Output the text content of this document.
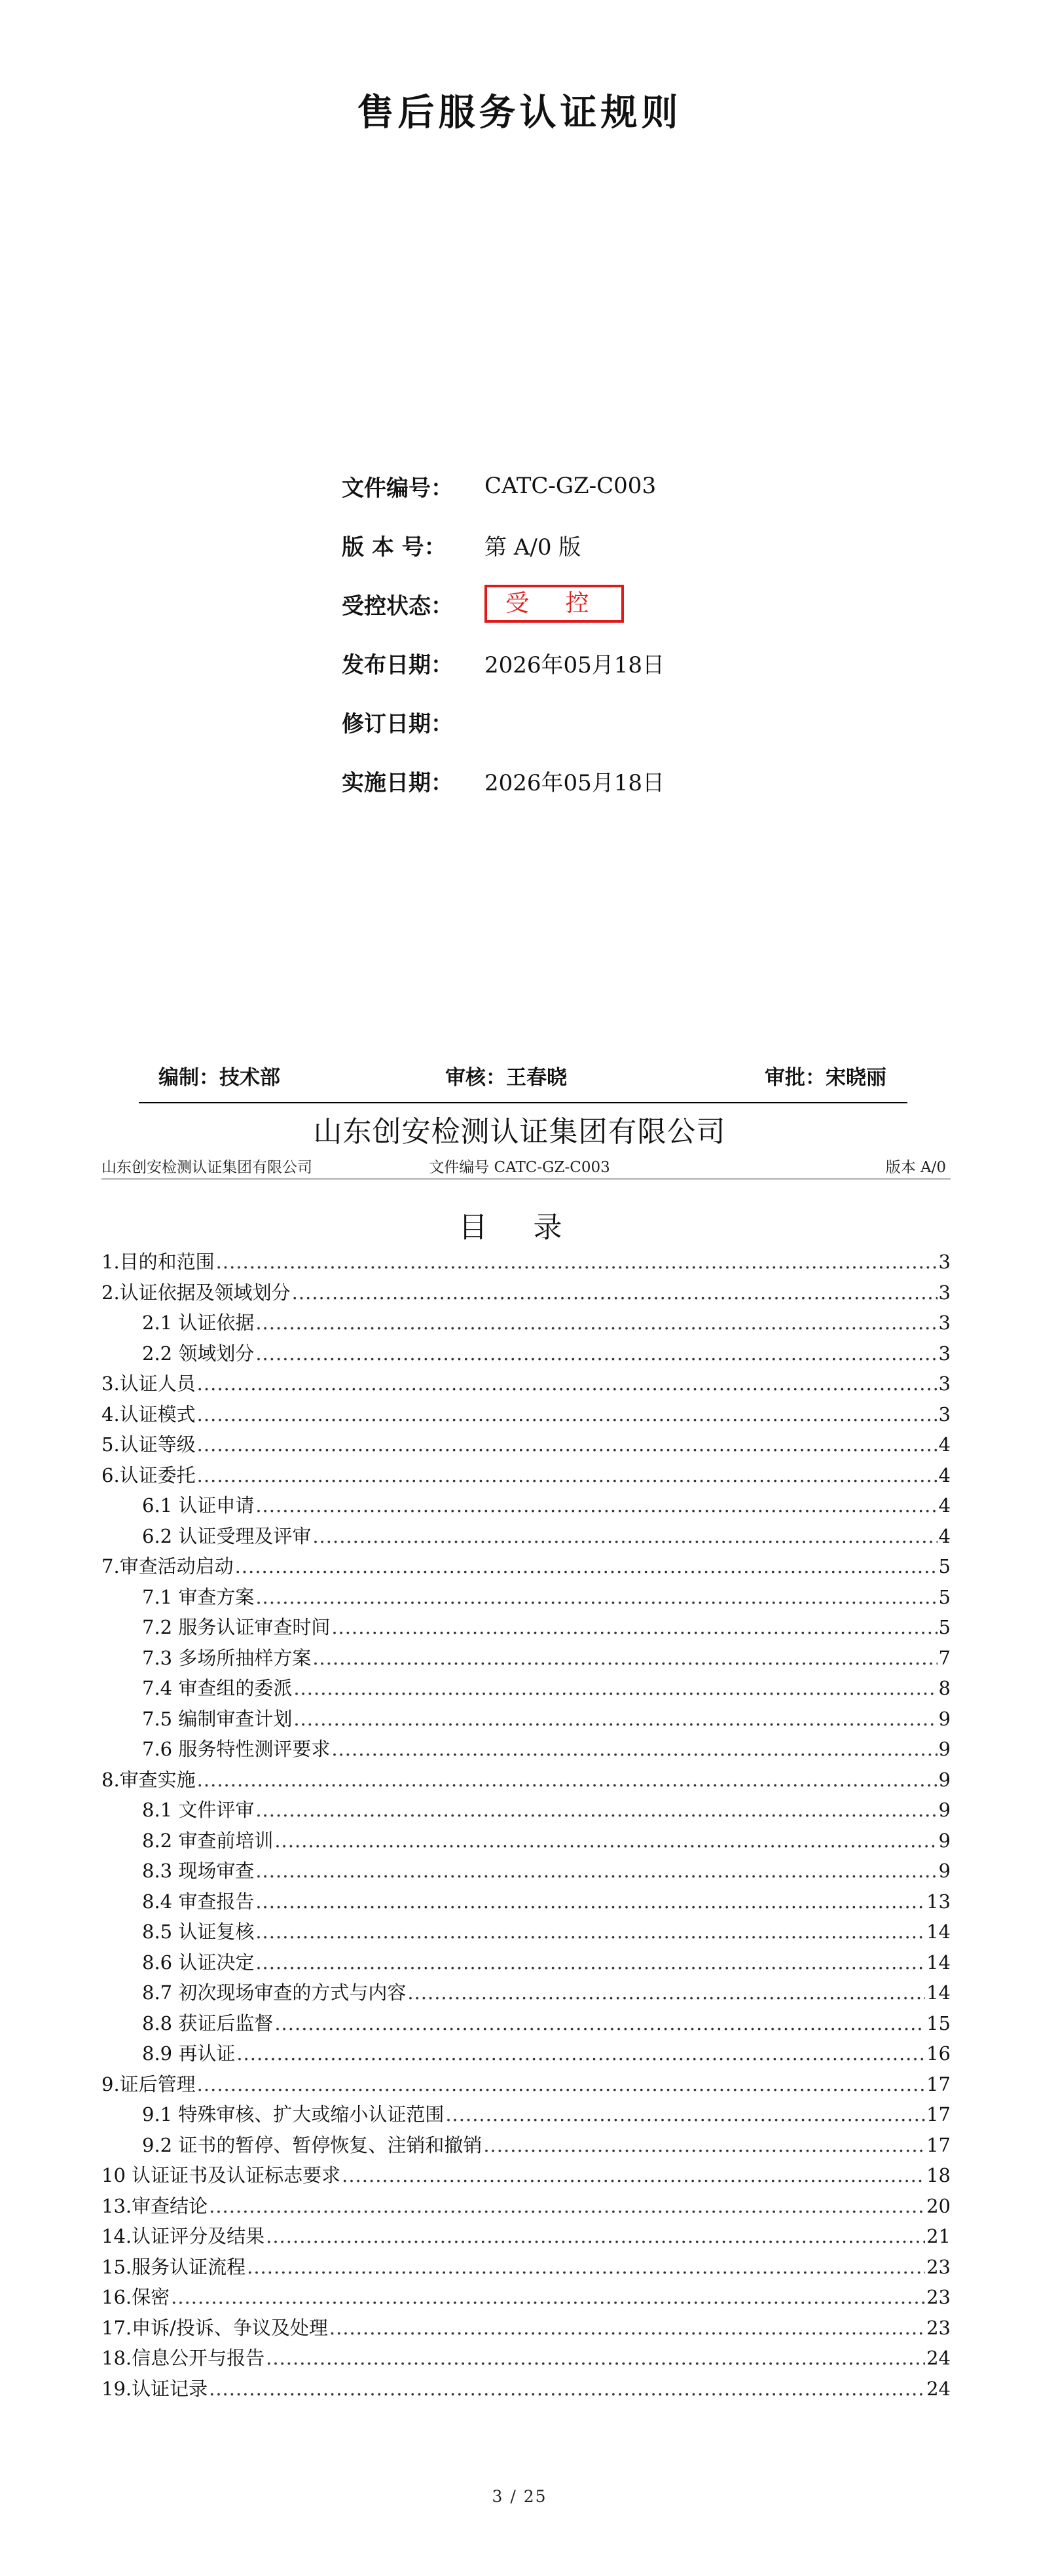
售后服务认证规则
文件编号：	CATC-GZ-C003
版 本 号：	第 A/0 版
受控状态：	受 控
发布日期：	2026年05月18日
修订日期：
实施日期：	2026年05月18日
编制：技术部	审核：王春晓	审批：宋晓丽
山东创安检测认证集团有限公司
山东创安检测认证集团有限公司	文件编号 CATC-GZ-C003	版本 A/0
目 录
1.目的和范围 .....	3
2.认证依据及领域划分 .....	3
2.1 认证依据 .....	3
2.2 领域划分 .....	3
3.认证人员 .....	3
4.认证模式 .....	3
5.认证等级 .....	4
6.认证委托 .....	4
6.1 认证申请 .....	4
6.2 认证受理及评审 .....	4
7.审查活动启动 .....	5
7.1 审查方案 .....	5
7.2 服务认证审查时间 .....	5
7.3 多场所抽样方案 .....	7
7.4 审查组的委派 .....	8
7.5 编制审查计划 .....	9
7.6 服务特性测评要求 .....	9
8.审查实施 .....	9
8.1 文件评审 .....	9
8.2 审查前培训 .....	9
8.3 现场审查 .....	9
8.4 审查报告 .....	13
8.5 认证复核 .....	14
8.6 认证决定 .....	14
8.7 初次现场审查的方式与内容 .....	14
8.8 获证后监督 .....	15
8.9 再认证 .....	16
9.证后管理 .....	17
9.1 特殊审核、扩大或缩小认证范围 .....	17
9.2 证书的暂停、暂停恢复、注销和撤销 .....	17
10 认证证书及认证标志要求 .....	18
13.审查结论 .....	20
14.认证评分及结果 .....	21
15.服务认证流程 .....	23
16.保密 .....	23
17.申诉/投诉、争议及处理 .....	23
18.信息公开与报告 .....	24
19.认证记录 .....	24
3 / 25
